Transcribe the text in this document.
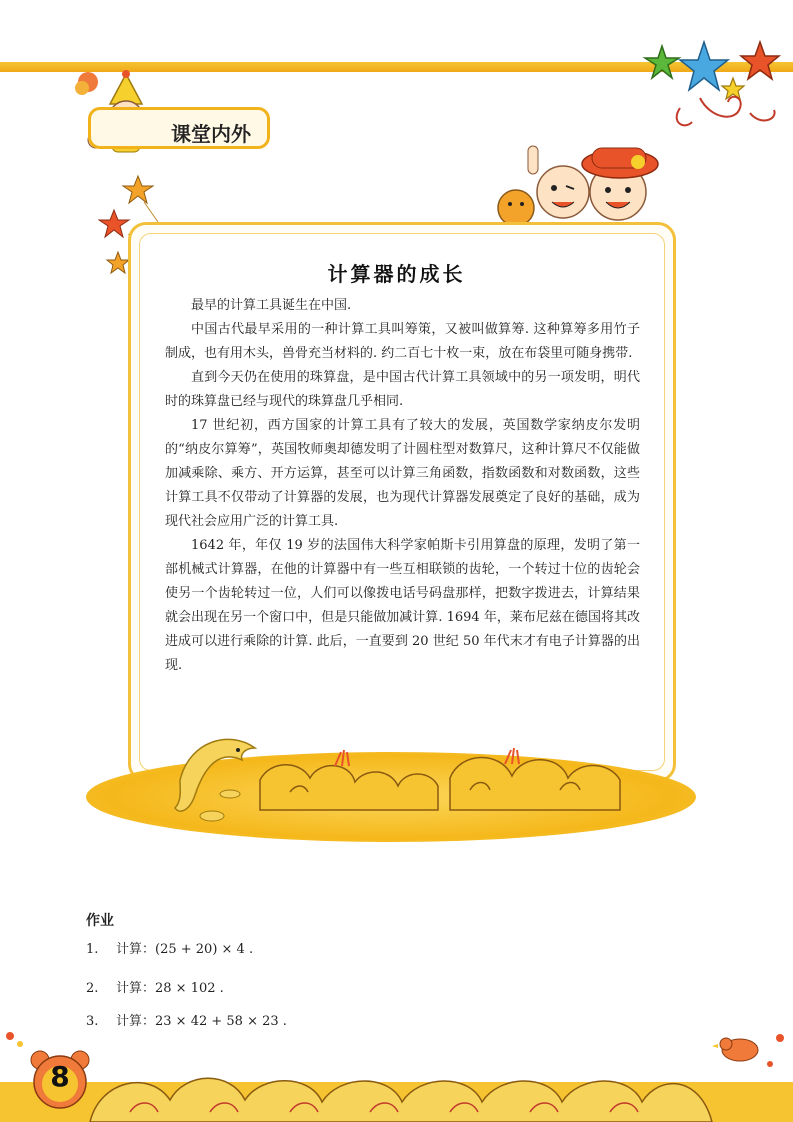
课堂内外
计算器的成长

最早的计算工具诞生在中国.

中国古代最早采用的一种计算工具叫筹策，又被叫做算筹. 这种算筹多用竹子制成，也有用木头，兽骨充当材料的. 约二百七十枚一束，放在布袋里可随身携带.

直到今天仍在使用的珠算盘，是中国古代计算工具领域中的另一项发明，明代时的珠算盘已经与现代的珠算盘几乎相同.

17 世纪初，西方国家的计算工具有了较大的发展，英国数学家纳皮尔发明的“纳皮尔算筹”，英国牧师奥却德发明了计圆柱型对数算尺，这种计算尺不仅能做加减乘除、乘方、开方运算，甚至可以计算三角函数，指数函数和对数函数，这些计算工具不仅带动了计算器的发展，也为现代计算器发展奠定了良好的基础，成为现代社会应用广泛的计算工具.

1642 年，年仅 19 岁的法国伟大科学家帕斯卡引用算盘的原理，发明了第一部机械式计算器，在他的计算器中有一些互相联锁的齿轮，一个转过十位的齿轮会使另一个齿轮转过一位，人们可以像拨电话号码盘那样，把数字拨进去，计算结果就会出现在另一个窗口中，但是只能做加减计算. 1694 年，莱布尼兹在德国将其改进成可以进行乘除的计算. 此后，一直要到 20 世纪 50 年代末才有电子计算器的出现.

作业
1. 计算：(25 + 20) × 4 .
2. 计算：28 × 102 .
3. 计算：23 × 42 + 58 × 23 .
8
